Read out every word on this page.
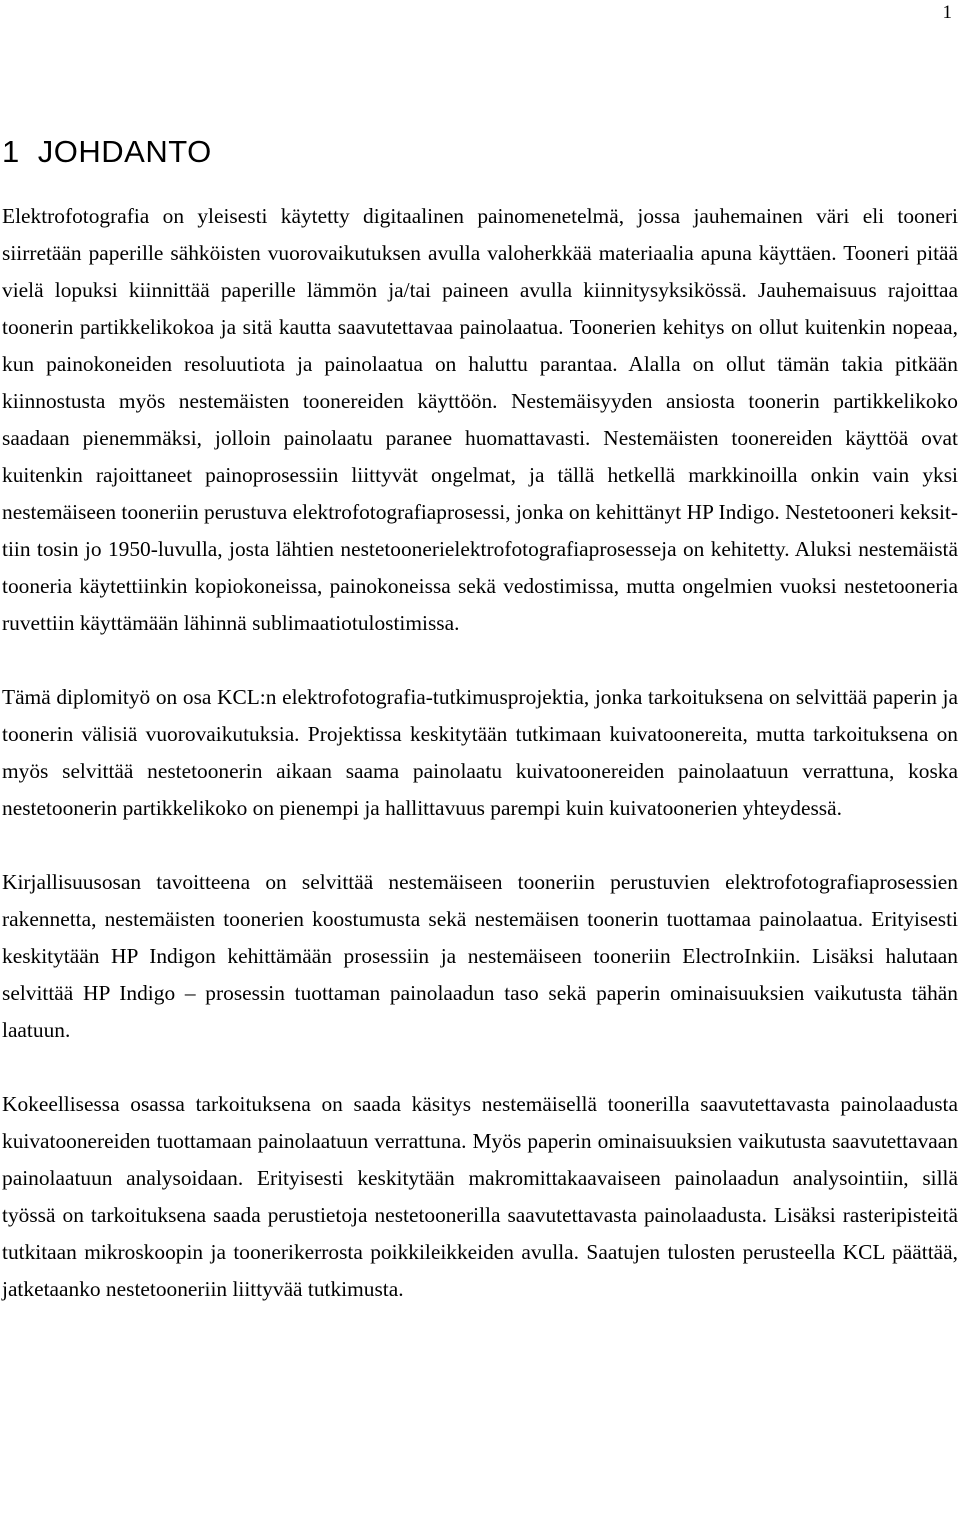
1
1 JOHDANTO

Elektrofotografia on yleisesti käytetty digitaalinen painomenetelmä, jossa jauhemainen väri eli tooneri siirretään paperille sähköisten vuorovaikutuksen avulla valoherkkää materiaalia apuna käyttäen. Tooneri pitää vielä lopuksi kiinnittää paperille lämmön ja/tai paineen avulla kiinnitysyksikössä. Jauhemaisuus rajoittaa toonerin partikkelikokoa ja sitä kautta saavutettavaa painolaatua. Toonerien kehitys on ollut kuitenkin nopeaa, kun painokoneiden resoluutiota ja painolaatua on haluttu parantaa. Alalla on ollut tämän takia pitkään kiinnostusta myös nestemäisten toonereiden käyttöön. Nestemäisyyden ansiosta toonerin partikkelikoko saadaan pienemmäksi, jolloin painolaatu paranee huomattavasti. Nestemäisten toonereiden käyttöä ovat kuitenkin rajoittaneet painoprosessiin liittyvät ongelmat, ja tällä hetkellä markkinoilla onkin vain yksi nestemäiseen tooneriin perustuva elektrofotografiaprosessi, jonka on kehittänyt HP Indigo. Nestetooneri keksittiin tosin jo 1950-luvulla, josta lähtien nestetoonerielektrofotografiaprosesseja on kehitetty. Aluksi nestemäistä tooneria käytettiinkin kopiokoneissa, painokoneissa sekä vedostimissa, mutta ongelmien vuoksi nestetooneria ruvettiin käyttämään lähinnä sublimaatiotulostimissa.

Tämä diplomityö on osa KCL:n elektrofotografia-tutkimusprojektia, jonka tarkoituksena on selvittää paperin ja toonerin välisiä vuorovaikutuksia. Projektissa keskitytään tutkimaan kuivatoonereita, mutta tarkoituksena on myös selvittää nestetoonerin aikaan saama painolaatu kuivatoonereiden painolaatuun verrattuna, koska nestetoonerin partikkelikoko on pienempi ja hallittavuus parempi kuin kuivatoonerien yhteydessä.

Kirjallisuusosan tavoitteena on selvittää nestemäiseen tooneriin perustuvien elektrofotografiaprosessien rakennetta, nestemäisten toonerien koostumusta sekä nestemäisen toonerin tuottamaa painolaatua. Erityisesti keskitytään HP Indigon kehittämään prosessiin ja nestemäiseen tooneriin ElectroInkiin. Lisäksi halutaan selvittää HP Indigo – prosessin tuottaman painolaadun taso sekä paperin ominaisuuksien vaikutusta tähän laatuun.

Kokeellisessa osassa tarkoituksena on saada käsitys nestemäisellä toonerilla saavutettavasta painolaadusta kuivatoonereiden tuottamaan painolaatuun verrattuna. Myös paperin ominaisuuksien vaikutusta saavutettavaan painolaatuun analysoidaan. Erityisesti keskitytään makromittakaavaiseen painolaadun analysointiin, sillä työssä on tarkoituksena saada perustietoja nestetoonerilla saavutettavasta painolaadusta. Lisäksi rasteripisteitä tutkitaan mikroskoopin ja toonerikerrosta poikkileikkeiden avulla. Saatujen tulosten perusteella KCL päättää, jatketaanko nestetooneriin liittyvää tutkimusta.
